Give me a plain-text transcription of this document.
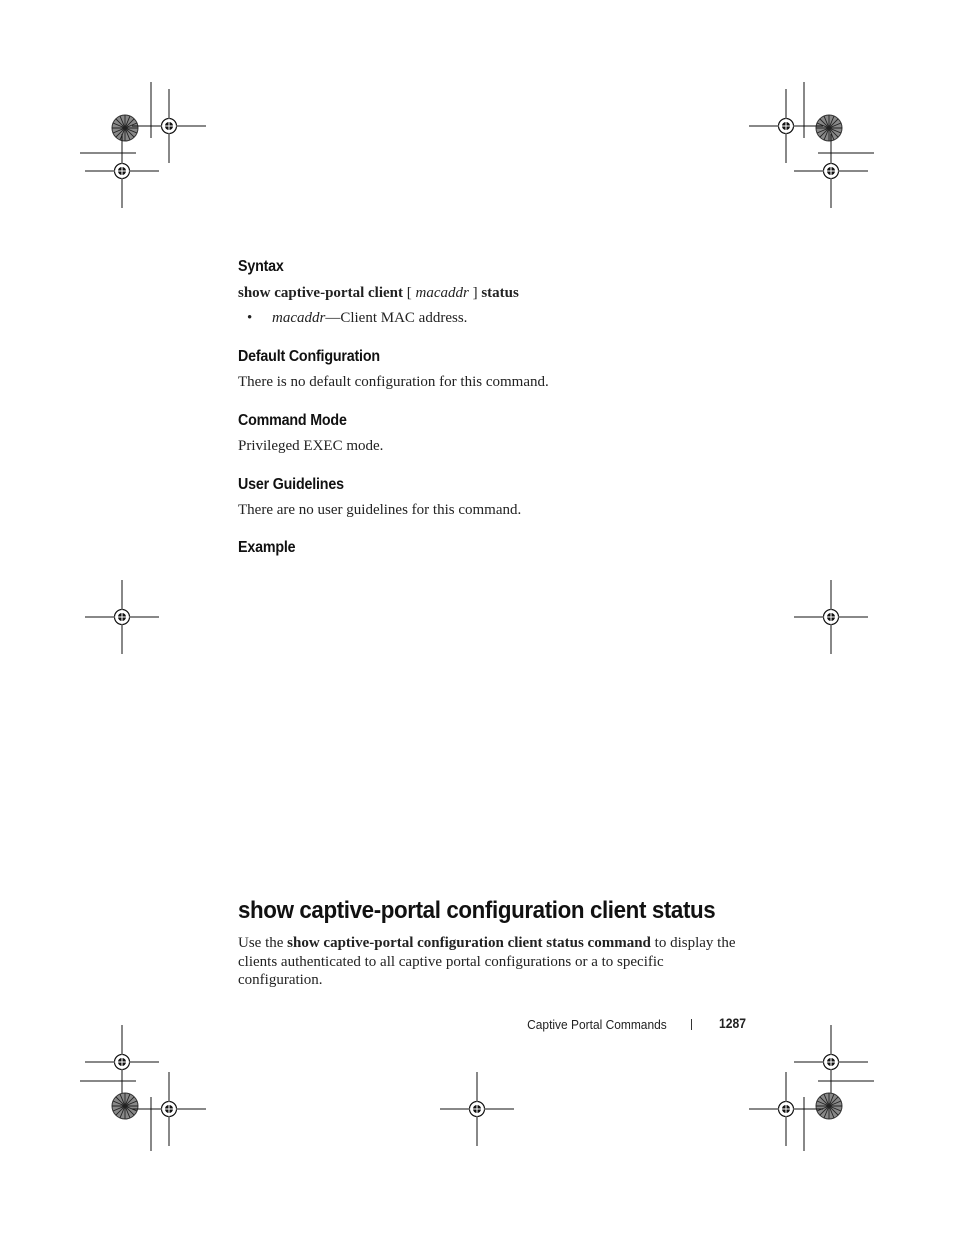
Syntax

show captive-portal client [ macaddr ] status

• macaddr—Client MAC address.

Default Configuration

There is no default configuration for this command.

Command Mode

Privileged EXEC mode.

User Guidelines

There are no user guidelines for this command.

Example
show captive-portal configuration client status

Use the show captive-portal configuration client status command to display the clients authenticated to all captive portal configurations or a to specific configuration.

Captive Portal Commands	1287
